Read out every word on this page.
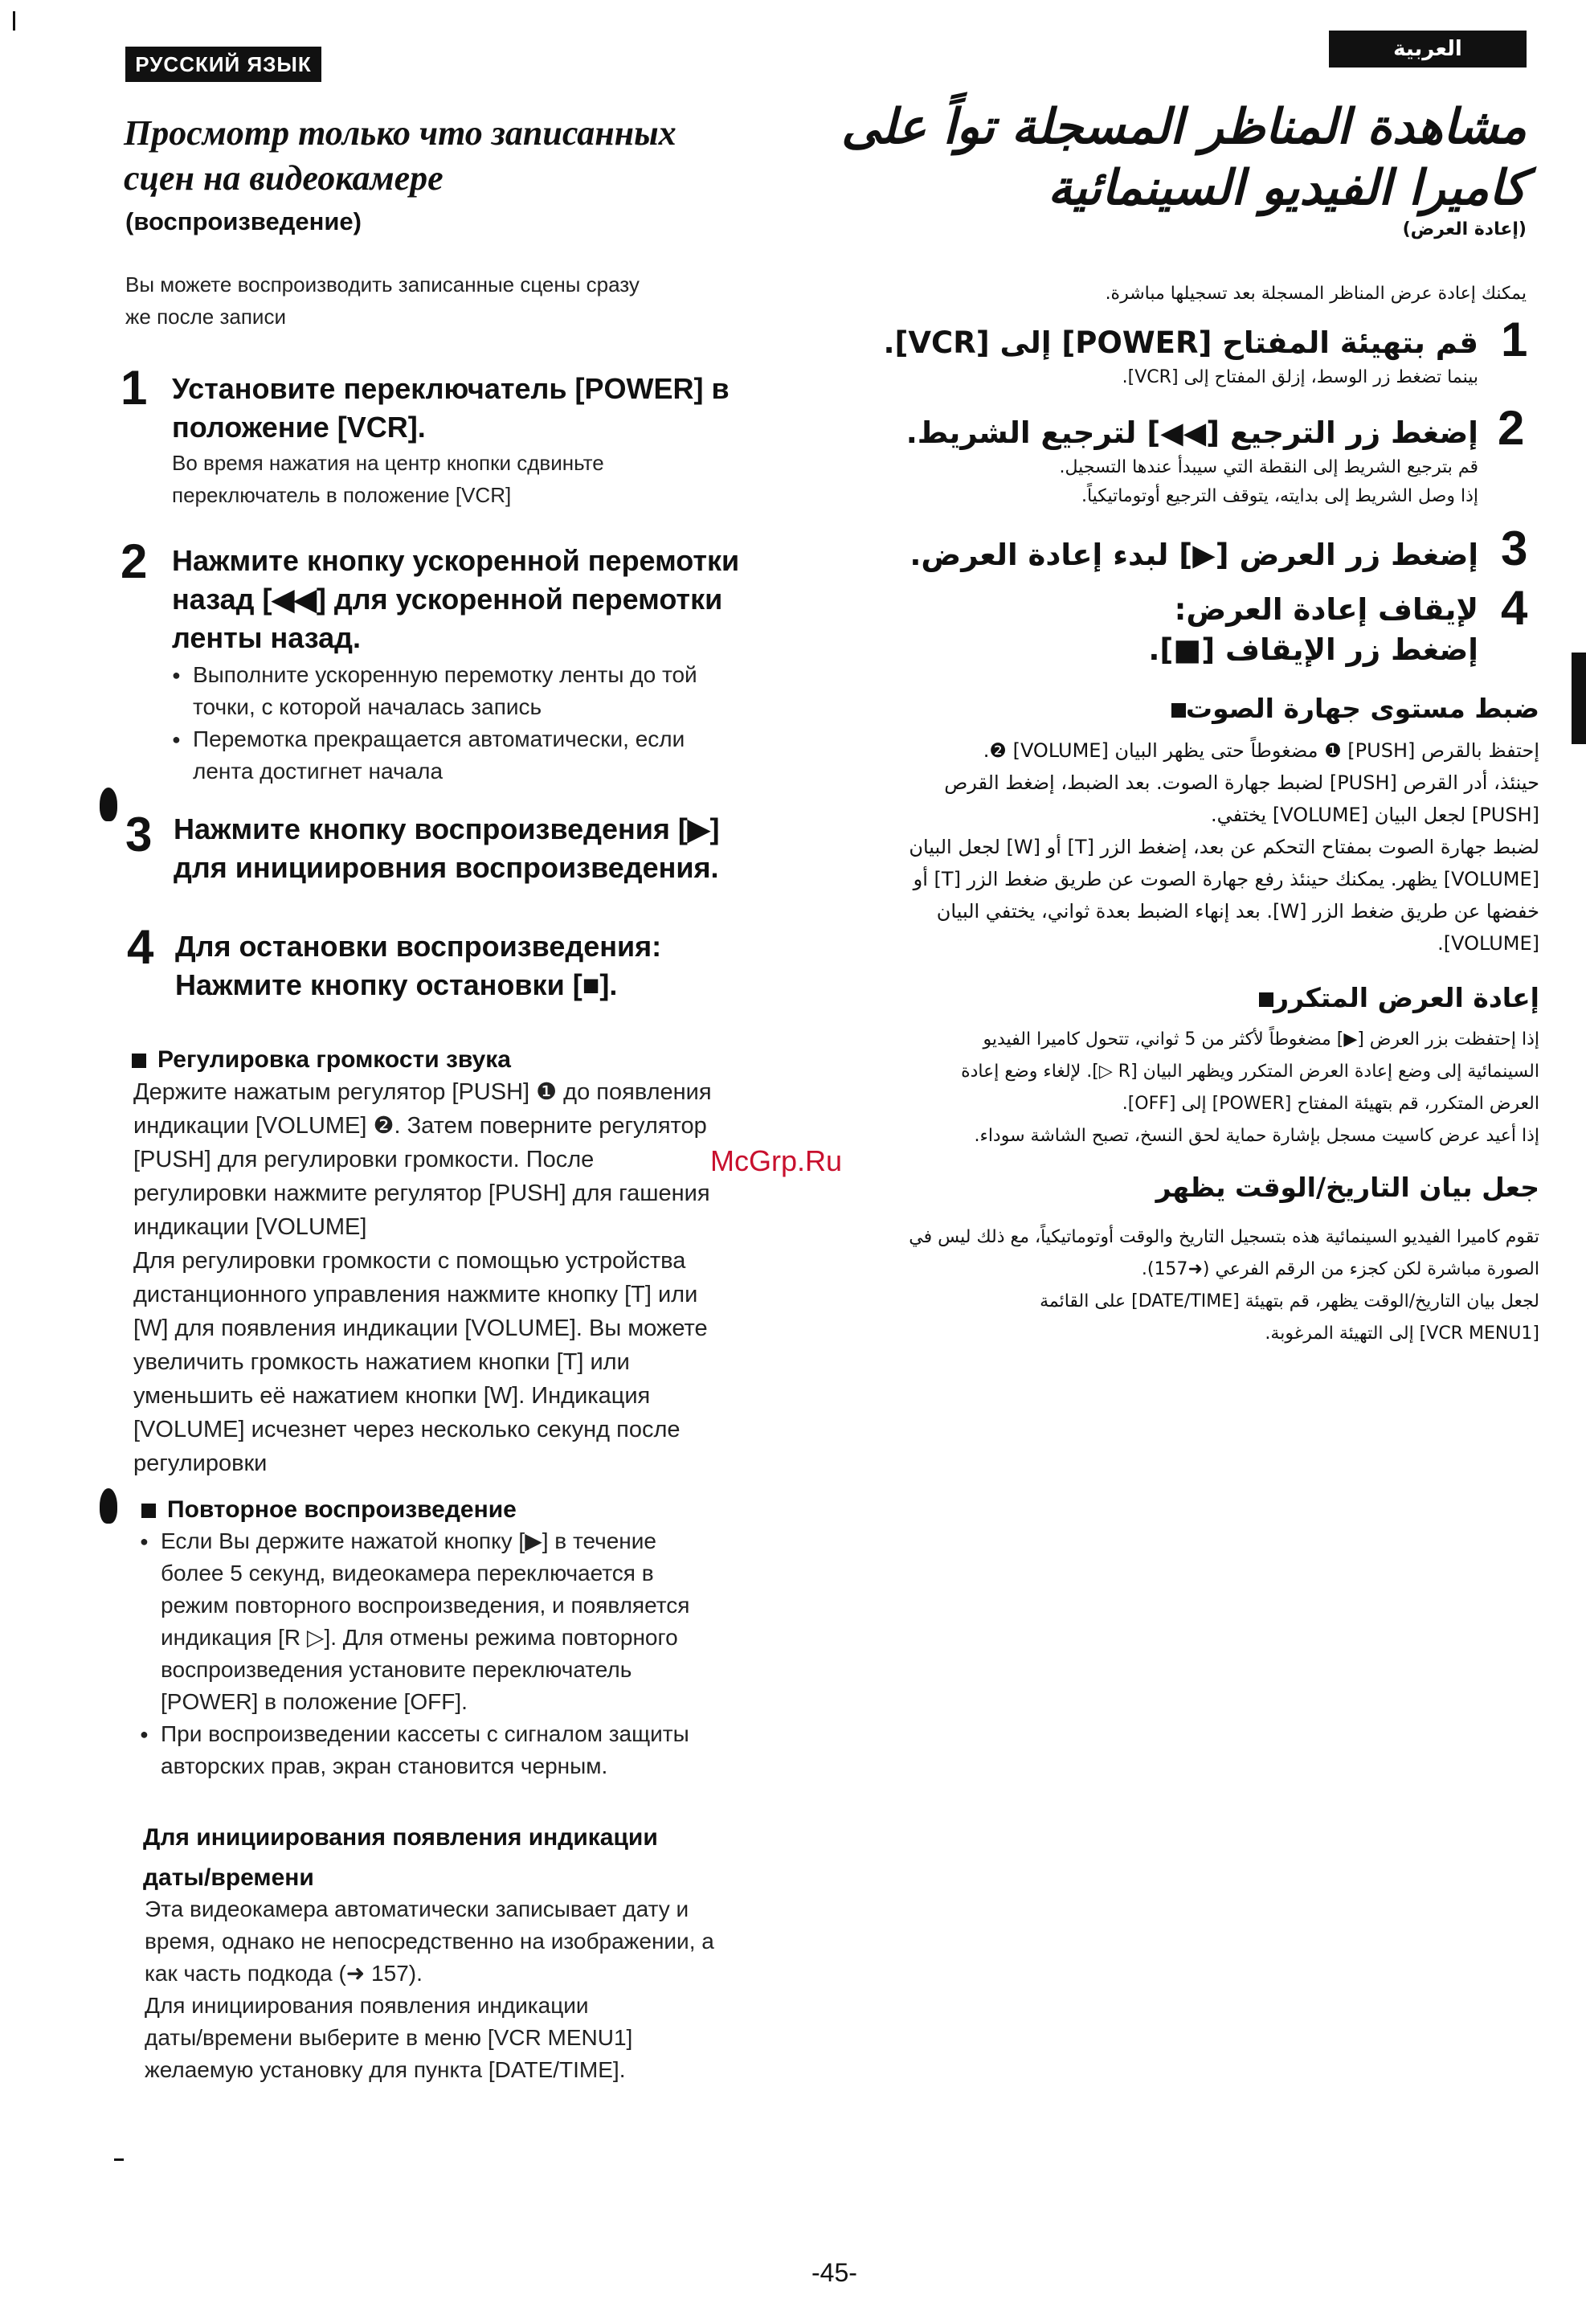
РУССКИЙ ЯЗЫК
Просмотр только что записанных
сцен на видеокамере
(воспроизведение)
Вы можете воспроизводить записанные сцены сразу
же после записи
1 Установите переключатель [POWER] в
положение [VCR].
Во время нажатия на центр кнопки сдвиньте
переключатель в положение [VCR]
2 Нажмите кнопку ускоренной перемотки
назад [◀◀] для ускоренной перемотки
ленты назад.
● Выполните ускоренную перемотку ленты до той
точки, с которой началась запись
● Перемотка прекращается автоматически, если
лента достигнет начала
3 Нажмите кнопку воспроизведения [▶]
для инициировния воспроизведения.
4 Для остановки воспроизведения:
Нажмите кнопку остановки [■].
Регулировка громкости звука
Держите нажатым регулятор [PUSH] ❶ до появления
индикации [VOLUME] ❷. Затем поверните регулятор
[PUSH] для регулировки громкости. После
регулировки нажмите регулятор [PUSH] для гашения
индикации [VOLUME]
Для регулировки громкости с помощью устройства
дистанционного управления нажмите кнопку [T] или
[W] для появления индикации [VOLUME]. Вы можете
увеличить громкость нажатием кнопки [T] или
уменьшить её нажатием кнопки [W]. Индикация
[VOLUME] исчезнет через несколько секунд после
регулировки
Повторное воспроизведение
● Если Вы держите нажатой кнопку [▶] в течение
более 5 секунд, видеокамера переключается в
режим повторного воспроизведения, и появляется
индикация [R ▷]. Для отмены режима повторного
воспроизведения установите переключатель
[POWER] в положение [OFF].
● При воспроизведении кассеты с сигналом защиты
авторских прав, экран становится черным.
Для инициирования появления индикации
даты/времени
Эта видеокамера автоматически записывает дату и
время, однако не непосредственно на изображении, а
как часть подкода (➜ 157).
Для инициирования появления индикации
даты/времени выберите в меню [VCR MENU1]
желаемую установку для пункта [DATE/TIME].
العربية
مشاهدة المناظر المسجلة تواً على
كاميرا الفيديو السينمائية
(إعادة العرض)
يمكنك إعادة عرض المناظر المسجلة بعد تسجيلها مباشرة.
1
قم بتهيئة المفتاح [POWER] إلى [VCR].
بينما تضغط زر الوسط، إزلق المفتاح إلى [VCR].
2
إضغط زر الترجيع [◀◀] لترجيع الشريط.
قم بترجيع الشريط إلى النقطة التي سيبدأ عندها التسجيل.
إذا وصل الشريط إلى بدايته، يتوقف الترجيع أوتوماتيكياً.
3
إضغط زر العرض [▶] لبدء إعادة العرض.
4
لإيقاف إعادة العرض:
إضغط زر الإيقاف [■].
ضبط مستوى جهارة الصوت
إحتفظ بالقرص [PUSH] ❶ مضغوطاً حتى يظهر البيان [VOLUME] ❷.
حينئذ، أدر القرص [PUSH] لضبط جهارة الصوت. بعد الضبط، إضغط القرص
[PUSH] لجعل البيان [VOLUME] يختفي.
لضبط جهارة الصوت بمفتاح التحكم عن بعد، إضغط الزر [T] أو [W] لجعل البيان
[VOLUME] يظهر. يمكنك حينئذ رفع جهارة الصوت عن طريق ضغط الزر [T] أو
خفضها عن طريق ضغط الزر [W]. بعد إنهاء الضبط بعدة ثواني، يختفي البيان
[VOLUME].
إعادة العرض المتكرر
إذا إحتفظت بزر العرض [▶] مضغوطاً لأكثر من 5 ثواني، تتحول كاميرا الفيديو
السينمائية إلى وضع إعادة العرض المتكرر ويظهر البيان [R ▷]. لإلغاء وضع إعادة
العرض المتكرر، قم بتهيئة المفتاح [POWER] إلى [OFF].
إذا أعيد عرض كاسيت مسجل بإشارة حماية لحق النسخ، تصبح الشاشة سوداء.
جعل بيان التاريخ/الوقت يظهر
تقوم كاميرا الفيديو السينمائية هذه بتسجيل التاريخ والوقت أوتوماتيكياً، مع ذلك ليس في
الصورة مباشرة لكن كجزء من الرقم الفرعي (➜157).
لجعل بيان التاريخ/الوقت يظهر، قم بتهيئة [DATE/TIME] على القائمة
[VCR MENU1] إلى التهيئة المرغوبة.
McGrp.Ru
-45-
